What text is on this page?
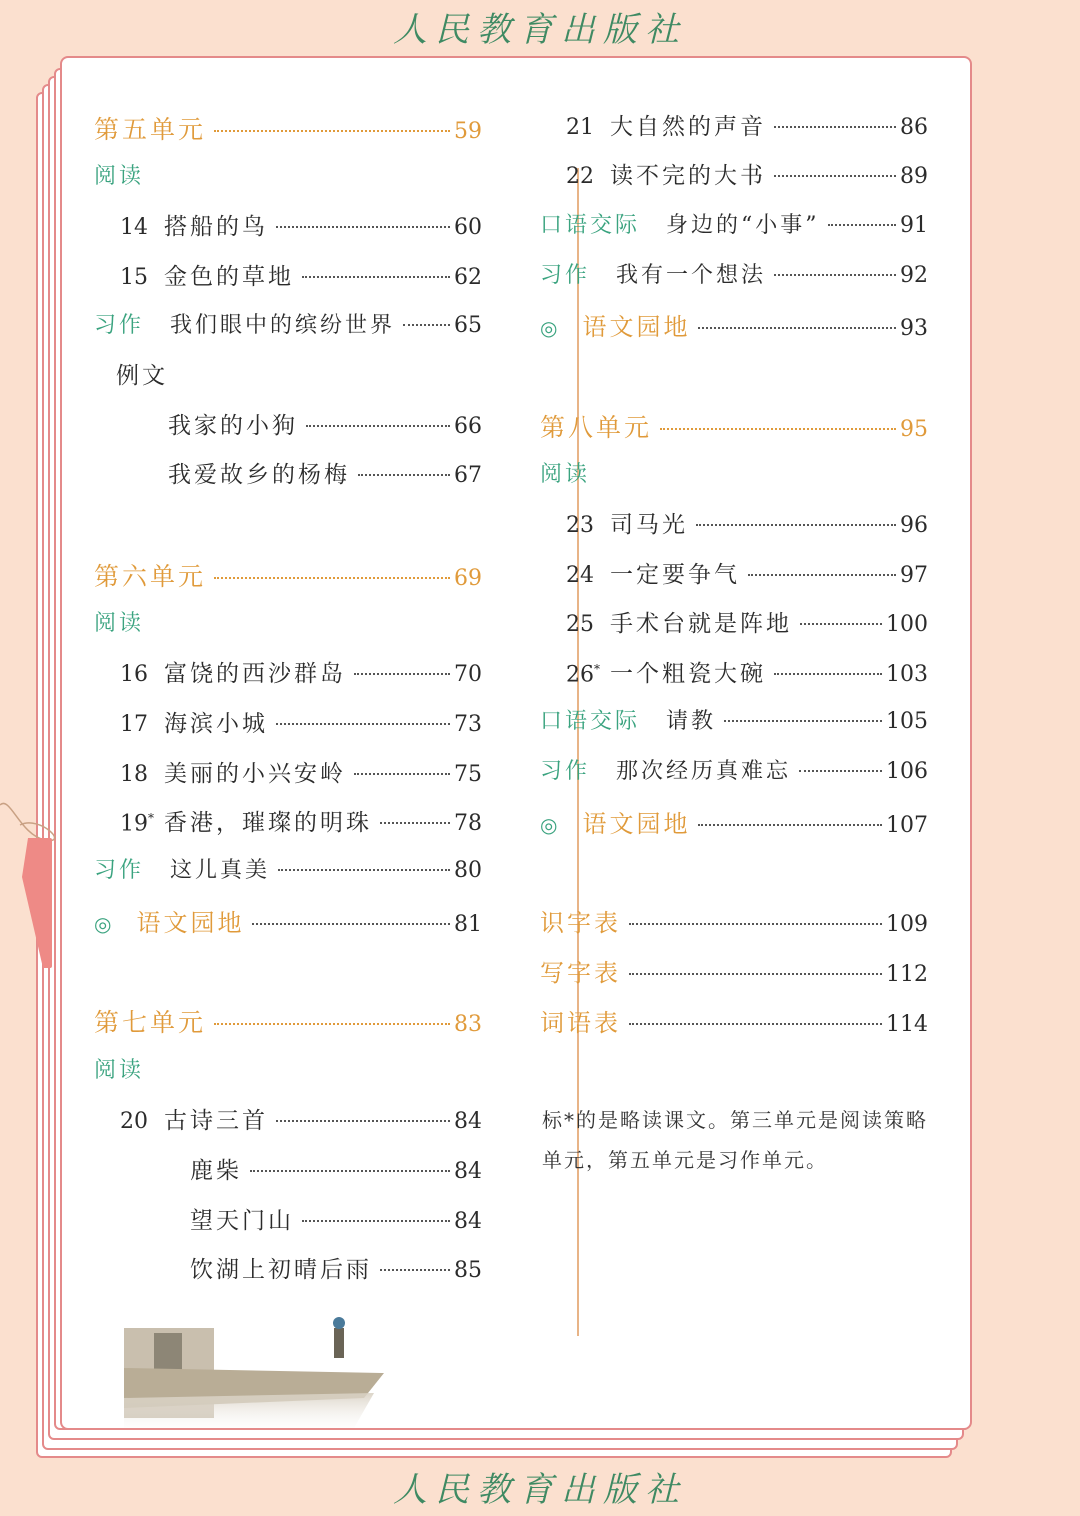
人民教育出版社
人民教育出版社
第五单元	59
阅读
14 搭船的鸟	60
15 金色的草地	62
习作 我们眼中的缤纷世界	65
例文
我家的小狗	66
我爱故乡的杨梅	67
第六单元	69
阅读
16 富饶的西沙群岛	70
17 海滨小城	73
18 美丽的小兴安岭	75
19* 香港，璀璨的明珠	78
习作 这儿真美	80
◎ 语文园地	81
第七单元	83
阅读
20 古诗三首	84
鹿柴	84
望天门山	84
饮湖上初晴后雨	85
21 大自然的声音	86
22 读不完的大书	89
口语交际 身边的“小事”	91
习作 我有一个想法	92
◎ 语文园地	93
第八单元	95
阅读
23 司马光	96
24 一定要争气	97
25 手术台就是阵地	100
26* 一个粗瓷大碗	103
口语交际 请教	105
习作 那次经历真难忘	106
◎ 语文园地	107
识字表	109
写字表	112
词语表	114
标*的是略读课文。第三单元是阅读策略单元，第五单元是习作单元。
